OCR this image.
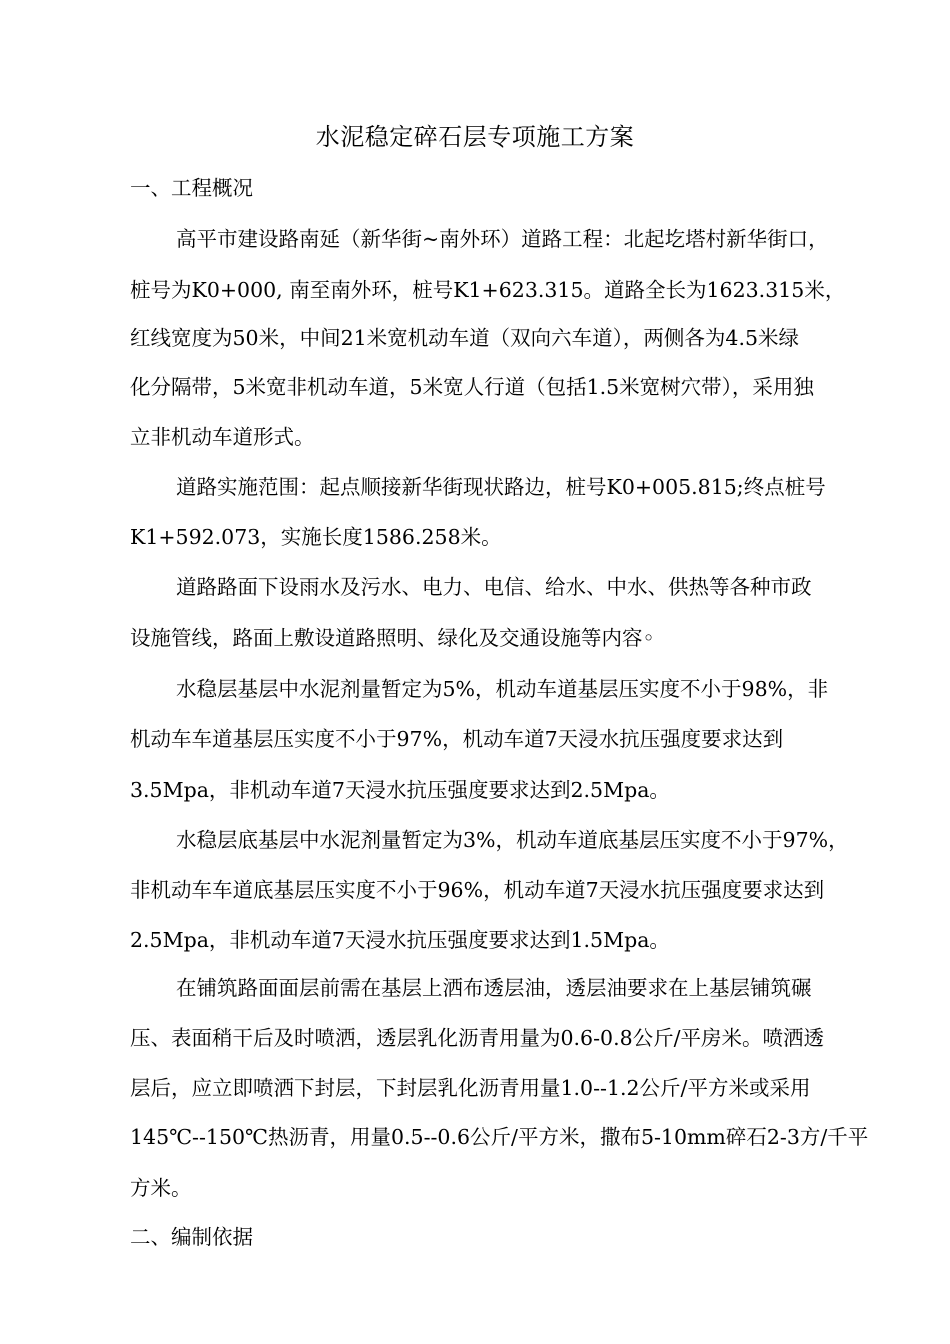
水泥稳定碎石层专项施工方案
一、工程概况
高平市建设路南延（新华街~南外环）道路工程：北起圪塔村新华街口，
桩号为K0+000, 南至南外环，桩号K1+623.315。道路全长为1623.315米，
红线宽度为50米，中间21米宽机动车道（双向六车道），两侧各为4.5米绿
化分隔带，5米宽非机动车道，5米宽人行道（包括1.5米宽树穴带），采用独
立非机动车道形式。
道路实施范围：起点顺接新华街现状路边，桩号K0+005.815;终点桩号
K1+592.073，实施长度1586.258米。
道路路面下设雨水及污水、电力、电信、给水、中水、供热等各种市政
设施管线，路面上敷设道路照明、绿化及交通设施等内容◦
水稳层基层中水泥剂量暂定为5%，机动车道基层压实度不小于98%，非
机动车车道基层压实度不小于97%，机动车道7天浸水抗压强度要求达到
3.5Mpa，非机动车道7天浸水抗压强度要求达到2.5Mpa。
水稳层底基层中水泥剂量暂定为3%，机动车道底基层压实度不小于97%，
非机动车车道底基层压实度不小于96%，机动车道7天浸水抗压强度要求达到
2.5Mpa，非机动车道7天浸水抗压强度要求达到1.5Mpa。
在铺筑路面面层前需在基层上洒布透层油，透层油要求在上基层铺筑碾
压、表面稍干后及时喷洒，透层乳化沥青用量为0.6-0.8公斤/平房米。喷洒透
层后，应立即喷洒下封层，下封层乳化沥青用量1.0--1.2公斤/平方米或采用
145℃--150℃热沥青，用量0.5--0.6公斤/平方米，撒布5-10mm碎石2-3方/千平
方米。
二、编制依据
